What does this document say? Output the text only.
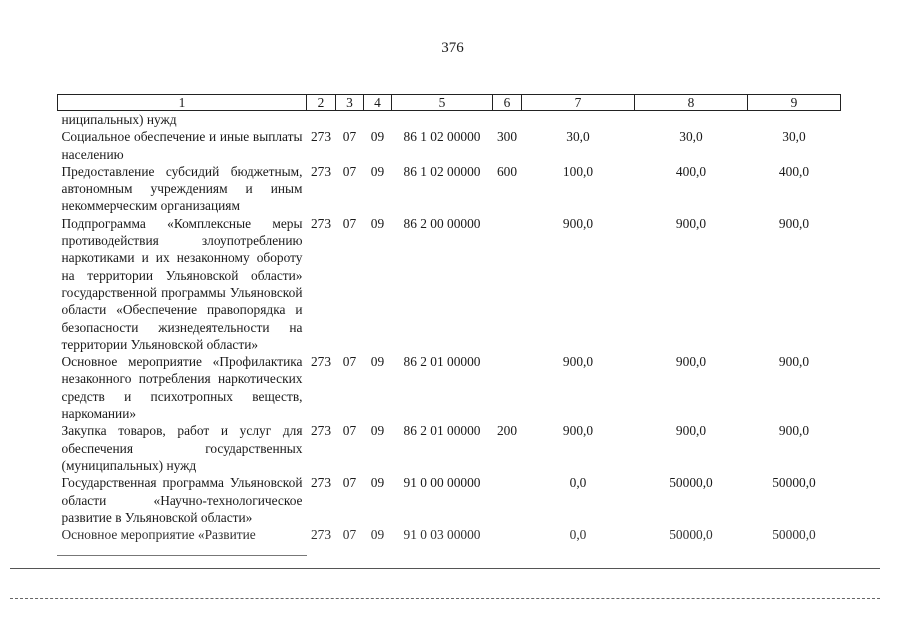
376
1	2	3	4	5	6	7	8	9
ниципальных) нужд								
Социальное обеспечение и иные выплаты населению	273	07	09	86 1 02 00000	300	30,0	30,0	30,0
Предоставление субсидий бюджетным, автономным учреждениям и иным некоммерческим организациям	273	07	09	86 1 02 00000	600	100,0	400,0	400,0
Подпрограмма «Комплексные меры противодействия злоупотреблению наркотиками и их незаконному обороту на территории Ульяновской области» государственной программы Ульяновской области «Обеспечение правопорядка и безопасности жизнедеятельности на территории Ульяновской области»	273	07	09	86 2 00 00000		900,0	900,0	900,0
Основное мероприятие «Профилактика незаконного потребления наркотических средств и психотропных веществ, наркомании»	273	07	09	86 2 01 00000		900,0	900,0	900,0
Закупка товаров, работ и услуг для обеспечения государственных (муниципальных) нужд	273	07	09	86 2 01 00000	200	900,0	900,0	900,0
Государственная программа Ульяновской области «Научно-технологическое развитие в Ульяновской области»	273	07	09	91 0 00 00000		0,0	50000,0	50000,0
Основное мероприятие «Развитие	273	07	09	91 0 03 00000		0,0	50000,0	50000,0
